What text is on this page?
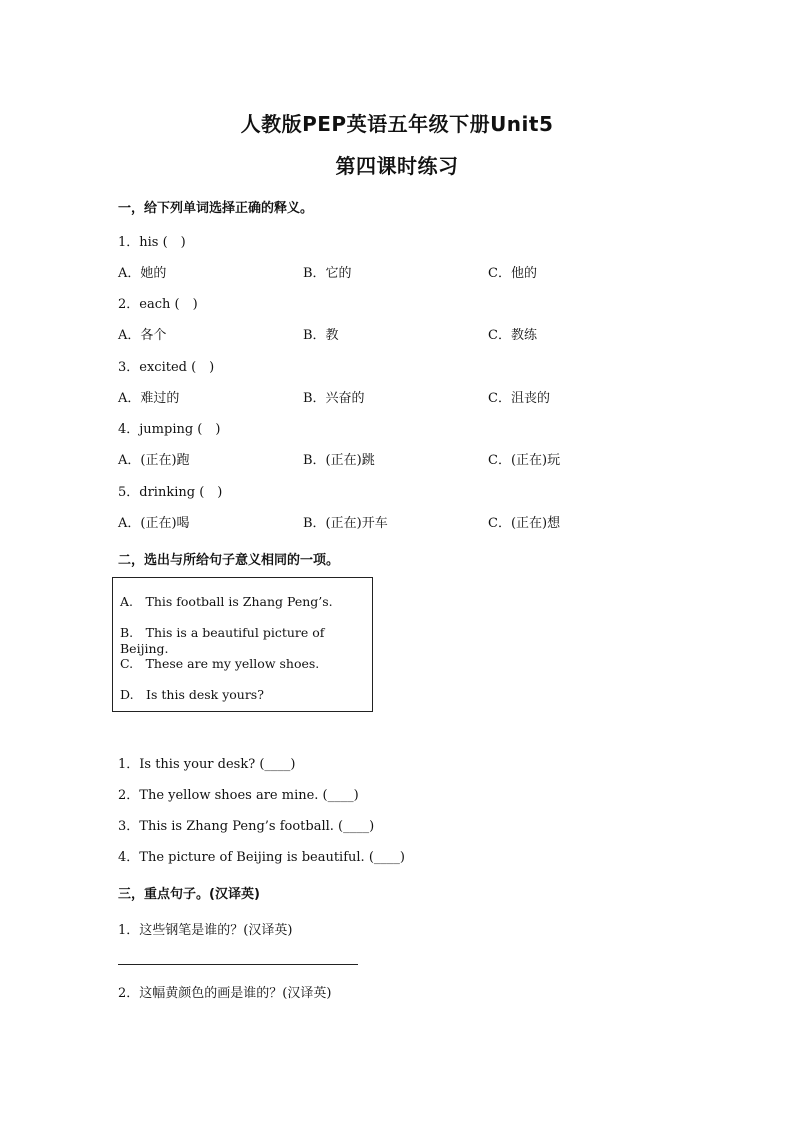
人教版PEP英语五年级下册Unit5
第四课时练习
一，给下列单词选择正确的释义。
1．his (　)
A．她的	B．它的	C．他的
2．each (　)
A．各个	B．教	C．教练
3．excited (　)
A．难过的	B．兴奋的	C．沮丧的
4．jumping (　)
A．(正在)跑	B．(正在)跳	C．(正在)玩
5．drinking (　)
A．(正在)喝	B．(正在)开车	C．(正在)想
二，选出与所给句子意义相同的一项。
A.　This football is Zhang Peng’s.
B.　This is a beautiful picture of Beijing.
C.　These are my yellow shoes.
D.　Is this desk yours?
1．Is this your desk? (____)
2．The yellow shoes are mine. (____)
3．This is Zhang Peng’s football. (____)
4．The picture of Beijing is beautiful. (____)
三，重点句子。(汉译英)
1．这些钢笔是谁的？(汉译英)
2．这幅黄颜色的画是谁的？(汉译英)
